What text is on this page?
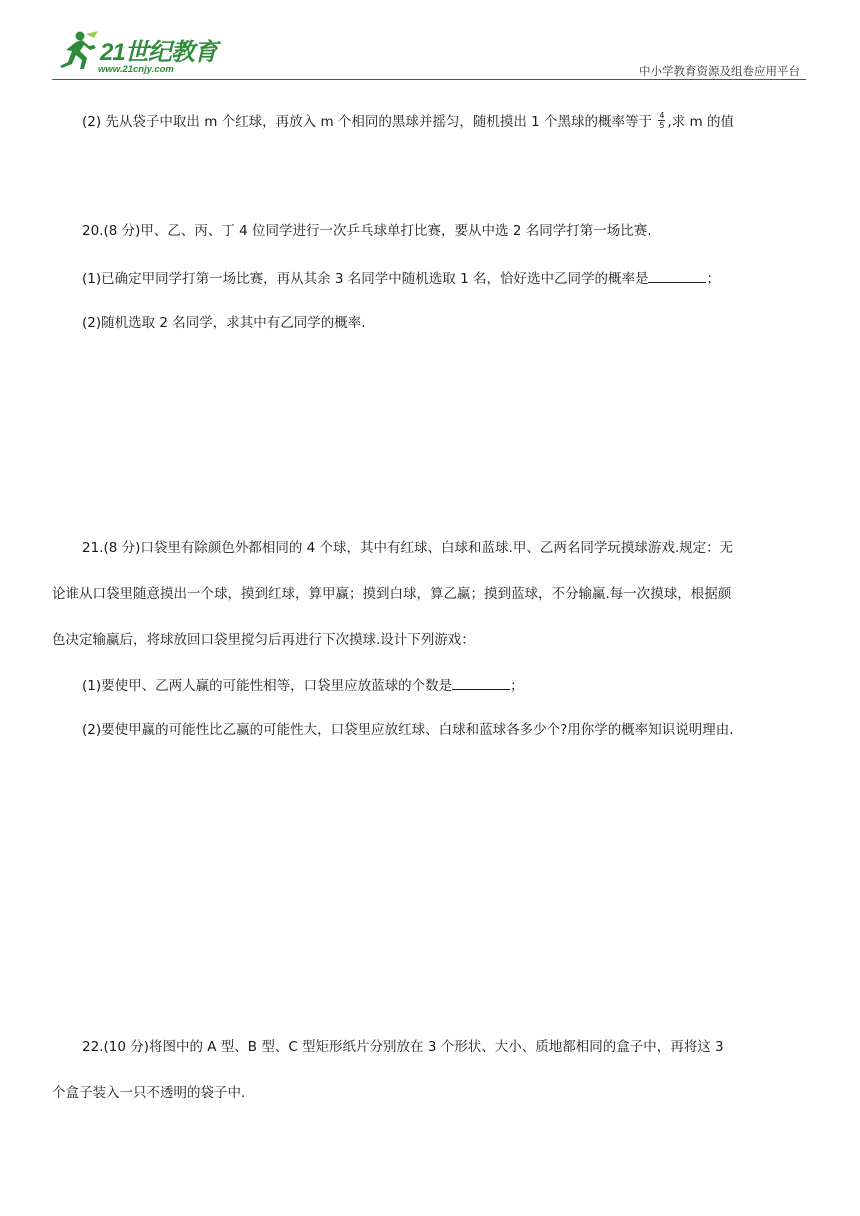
21世纪教育
www.21cnjy.com	中小学教育资源及组卷应用平台
(2) 先从袋子中取出 m 个红球，再放入 m 个相同的黑球并摇匀，随机摸出 1 个黑球的概率等于 $\frac{4}{5}$ ,求 m 的值
20.(8 分)甲、乙、丙、丁 4 位同学进行一次乒乓球单打比赛，要从中选 2 名同学打第一场比赛.
(1)已确定甲同学打第一场比赛，再从其余 3 名同学中随机选取 1 名，恰好选中乙同学的概率是	；
(2)随机选取 2 名同学，求其中有乙同学的概率.
21.(8 分)口袋里有除颜色外都相同的 4 个球，其中有红球、白球和蓝球.甲、乙两名同学玩摸球游戏.规定：无
论谁从口袋里随意摸出一个球，摸到红球，算甲赢；摸到白球，算乙赢；摸到蓝球，不分输赢.每一次摸球，根据颜
色决定输赢后，将球放回口袋里搅匀后再进行下次摸球.设计下列游戏：
(1)要使甲、乙两人赢的可能性相等，口袋里应放蓝球的个数是	；
(2)要使甲赢的可能性比乙赢的可能性大，口袋里应放红球、白球和蓝球各多少个?用你学的概率知识说明理由.
22.(10 分)将图中的 A 型、B 型、C 型矩形纸片分别放在 3 个形状、大小、质地都相同的盒子中，再将这 3
个盒子装入一只不透明的袋子中.
